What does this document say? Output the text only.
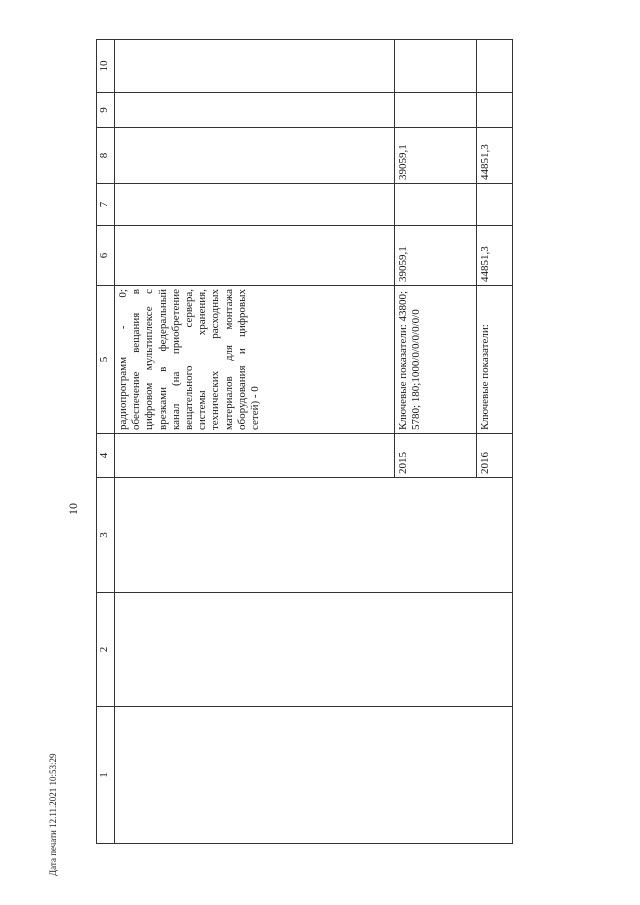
10
1	2	3	4	5	6	7	8	9	10
				радиопрограмм - 0; обеспечение вещания в цифровом мультиплексе с врезками в федеральный канал (на приобретение вещательного сервера, системы хранения, технических расходных материалов для монтажа оборудования и цифровых сетей) - 0					
			2015	Ключевые показатели: 43800; 5780; 180;1000/0/0/0/0/0/0	39059,1		39059,1		
			2016	Ключевые показатели:	44851,3		44851,3		
Дата печати 12.11.2021 10:53:29
